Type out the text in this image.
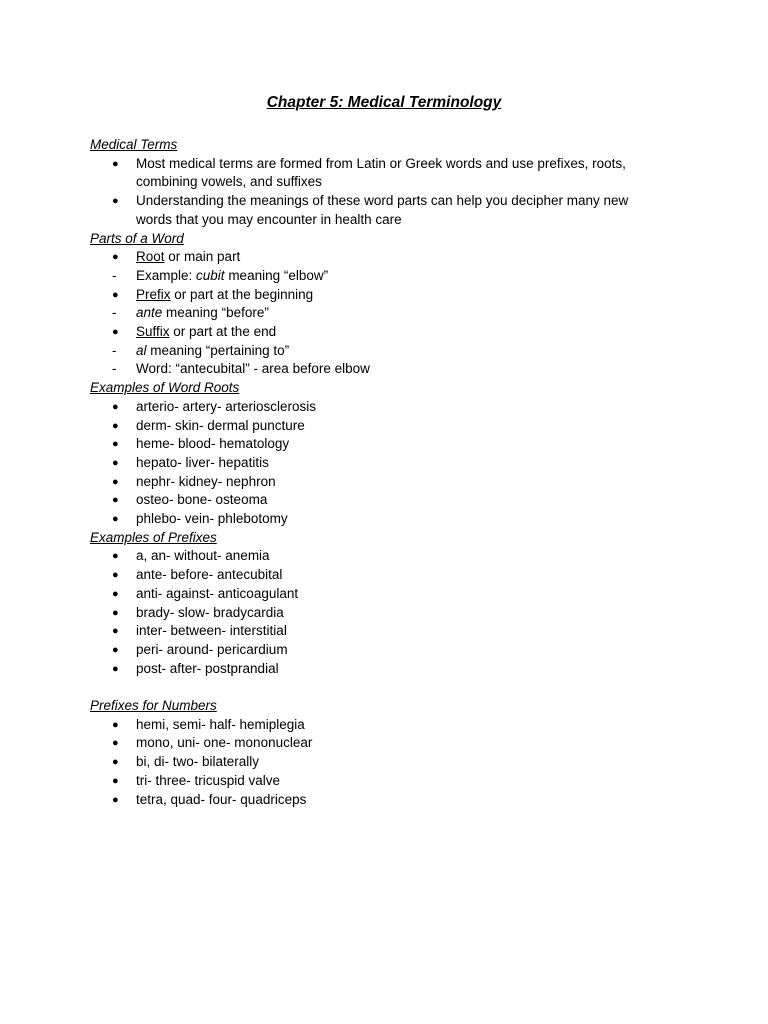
Chapter 5: Medical Terminology
Medical Terms
●	Most medical terms are formed from Latin or Greek words and use prefixes, roots, combining vowels, and suffixes
●	Understanding the meanings of these word parts can help you decipher many new words that you may encounter in health care
Parts of a Word
●	Root or main part
-	Example: cubit meaning “elbow”
●	Prefix or part at the beginning
-	ante meaning “before”
●	Suffix or part at the end
-	al meaning “pertaining to”
-	Word: “antecubital” - area before elbow
Examples of Word Roots
●	arterio- artery- arteriosclerosis
●	derm- skin- dermal puncture
●	heme- blood- hematology
●	hepato- liver- hepatitis
●	nephr- kidney- nephron
●	osteo- bone- osteoma
●	phlebo- vein- phlebotomy
Examples of Prefixes
●	a, an- without- anemia
●	ante- before- antecubital
●	anti- against- anticoagulant
●	brady- slow- bradycardia
●	inter- between- interstitial
●	peri- around- pericardium
●	post- after- postprandial
Prefixes for Numbers
●	hemi, semi- half- hemiplegia
●	mono, uni- one- mononuclear
●	bi, di- two- bilaterally
●	tri- three- tricuspid valve
●	tetra, quad- four- quadriceps
